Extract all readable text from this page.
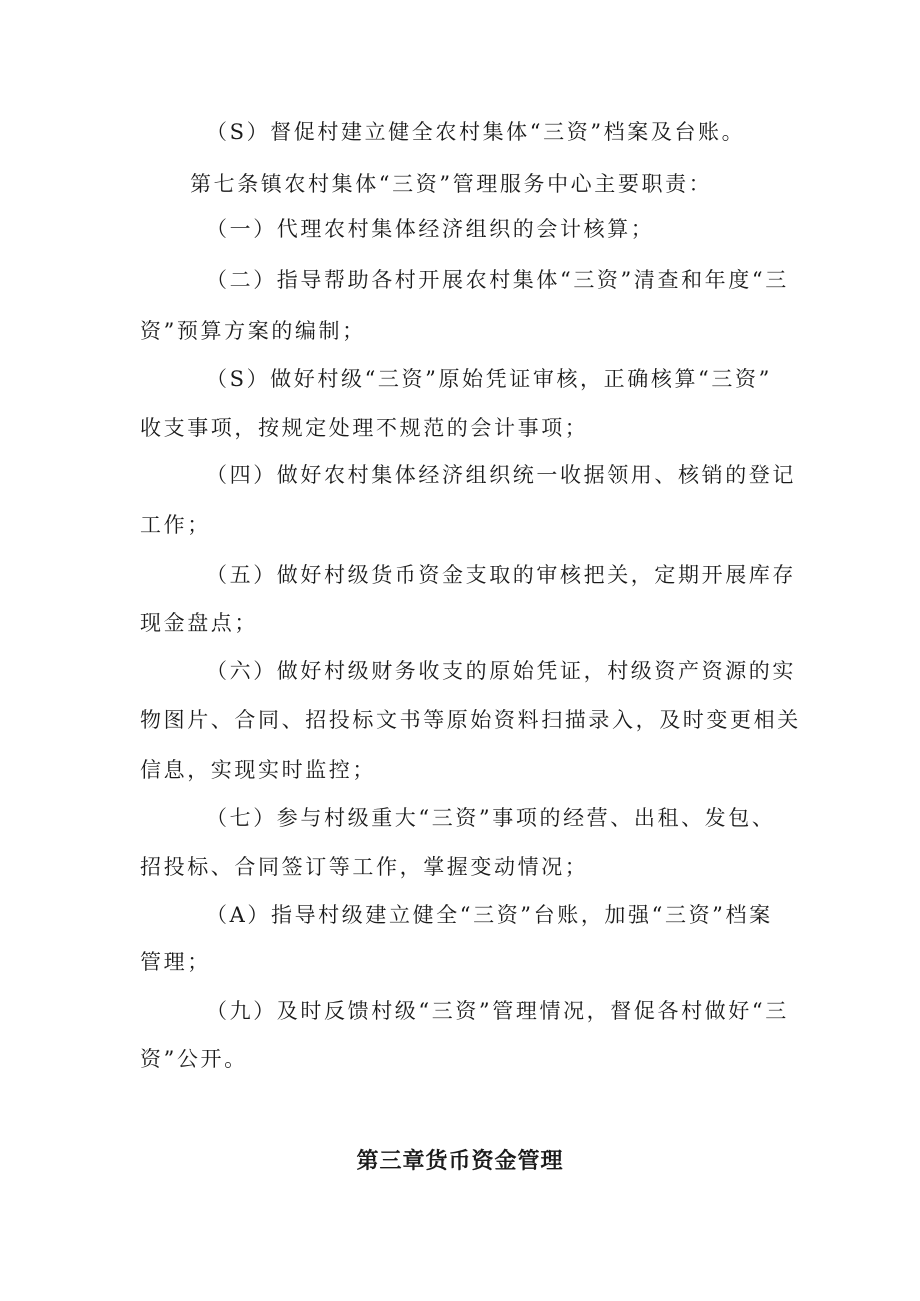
（S）督促村建立健全农村集体“三资”档案及台账。
第七条镇农村集体“三资”管理服务中心主要职责：
（一）代理农村集体经济组织的会计核算；
（二）指导帮助各村开展农村集体“三资”清查和年度“三
资”预算方案的编制；
（S）做好村级“三资”原始凭证审核，正确核算“三资”
收支事项，按规定处理不规范的会计事项；
（四）做好农村集体经济组织统一收据领用、核销的登记
工作；
（五）做好村级货币资金支取的审核把关，定期开展库存
现金盘点；
（六）做好村级财务收支的原始凭证，村级资产资源的实
物图片、合同、招投标文书等原始资料扫描录入，及时变更相关
信息，实现实时监控；
（七）参与村级重大“三资”事项的经营、出租、发包、
招投标、合同签订等工作，掌握变动情况；
（A）指导村级建立健全“三资”台账，加强“三资”档案
管理；
（九）及时反馈村级“三资”管理情况，督促各村做好“三
资”公开。
第三章货币资金管理
